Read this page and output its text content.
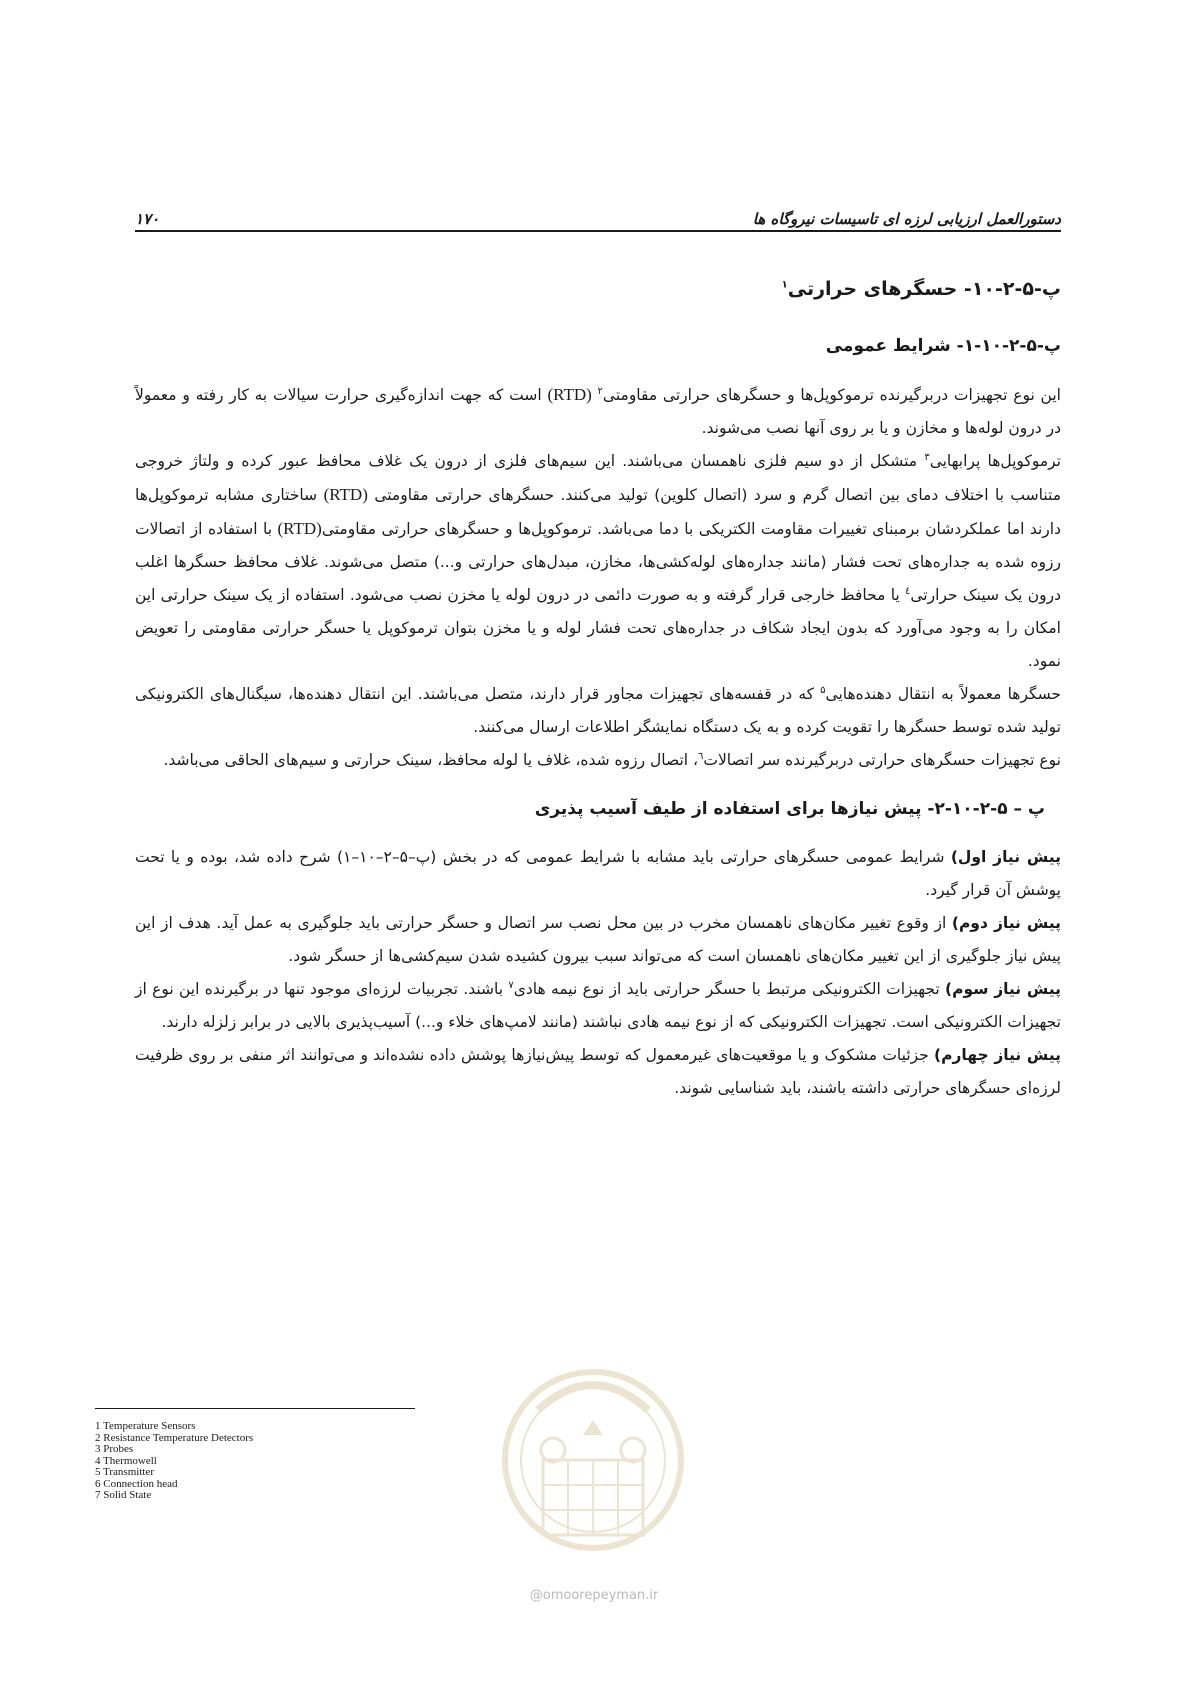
۱۷۰	دستورالعمل ارزیابی لرزه ای تاسیسات نیروگاه ها
پ-۵-۲-۱۰- حسگرهای حرارتی$^۱$
پ-۵-۲-۱۰-۱- شرایط عمومی

این نوع تجهیزات دربرگیرنده ترموکوپل‌ها و حسگرهای حرارتی مقاومتی$^۲$ (RTD) است که جهت اندازه‌گیری حرارت سیالات به کار رفته و معمولاً در درون لوله‌ها و مخازن و یا بر روی آنها نصب می‌شوند.

ترموکوپل‌ها پرابهایی$^۳$ متشکل از دو سیم فلزی ناهمسان می‌باشند. این سیم‌های فلزی از درون یک غلاف محافظ عبور کرده و ولتاژ خروجی متناسب با اختلاف دمای بین اتصال گرم و سرد (اتصال کلوین) تولید می‌کنند. حسگرهای حرارتی مقاومتی (RTD) ساختاری مشابه ترموکوپل‌ها دارند اما عملکردشان برمبنای تغییرات مقاومت الکتریکی با دما می‌باشد. ترموکوپل‌ها و حسگرهای حرارتی مقاومتی(RTD) با استفاده از اتصالات رزوه شده به جداره‌های تحت فشار (مانند جداره‌های لوله‌کشی‌ها، مخازن، مبدل‌های حرارتی و...) متصل می‌شوند. غلاف محافظ حسگرها اغلب درون یک سینک حرارتی$^٤$ یا محافظ خارجی قرار گرفته و به صورت دائمی در درون لوله یا مخزن نصب می‌شود. استفاده از یک سینک حرارتی این امکان را به وجود می‌آورد که بدون ایجاد شکاف در جداره‌های تحت فشار لوله و یا مخزن بتوان ترموکوپل یا حسگر حرارتی مقاومتی را تعویض نمود.

حسگرها معمولاً به انتقال دهنده‌هایی$^۵$ که در قفسه‌های تجهیزات مجاور قرار دارند، متصل می‌باشند. این انتقال دهنده‌ها، سیگنال‌های الکترونیکی تولید شده توسط حسگرها را تقویت کرده و به یک دستگاه نمایشگر اطلاعات ارسال می‌کنند.

نوع تجهیزات حسگرهای حرارتی دربرگیرنده سر اتصالات$^٦$، اتصال رزوه شده، غلاف یا لوله محافظ، سینک حرارتی و سیم‌های الحاقی می‌باشد.

پ – ۵-۲-۱۰-۲- پیش نیازها برای استفاده از طیف آسیب پذیری

پیش نیاز اول) شرایط عمومی حسگرهای حرارتی باید مشابه با شرایط عمومی که در بخش (پ–۵–۲–۱۰–۱) شرح داده شد، بوده و یا تحت پوشش آن قرار گیرد.

پیش نیاز دوم) از وقوع تغییر مکان‌های ناهمسان مخرب در بین محل نصب سر اتصال و حسگر حرارتی باید جلوگیری به عمل آید. هدف از این پیش نیاز جلوگیری از این تغییر مکان‌های ناهمسان است که می‌تواند سبب بیرون کشیده شدن سیم‌کشی‌ها از حسگر شود.

پیش نیاز سوم) تجهیزات الکترونیکی مرتبط با حسگر حرارتی باید از نوع نیمه هادی$^۷$ باشند. تجربیات لرزه‌ای موجود تنها در برگیرنده این نوع از تجهیزات الکترونیکی است. تجهیزات الکترونیکی که از نوع نیمه هادی نباشند (مانند لامپ‌های خلاء و...) آسیب‌پذیری بالایی در برابر زلزله دارند.

پیش نیاز چهارم) جزئیات مشکوک و یا موقعیت‌های غیرمعمول که توسط پیش‌نیازها پوشش داده نشده‌اند و می‌توانند اثر منفی بر روی ظرفیت لرزه‌ای حسگرهای حرارتی داشته باشند، باید شناسایی شوند.

1 Temperature Sensors
2 Resistance Temperature Detectors
3 Probes
4 Thermowell
5 Transmitter
6 Connection head
7 Solid State
@omoorepeyman.ir
